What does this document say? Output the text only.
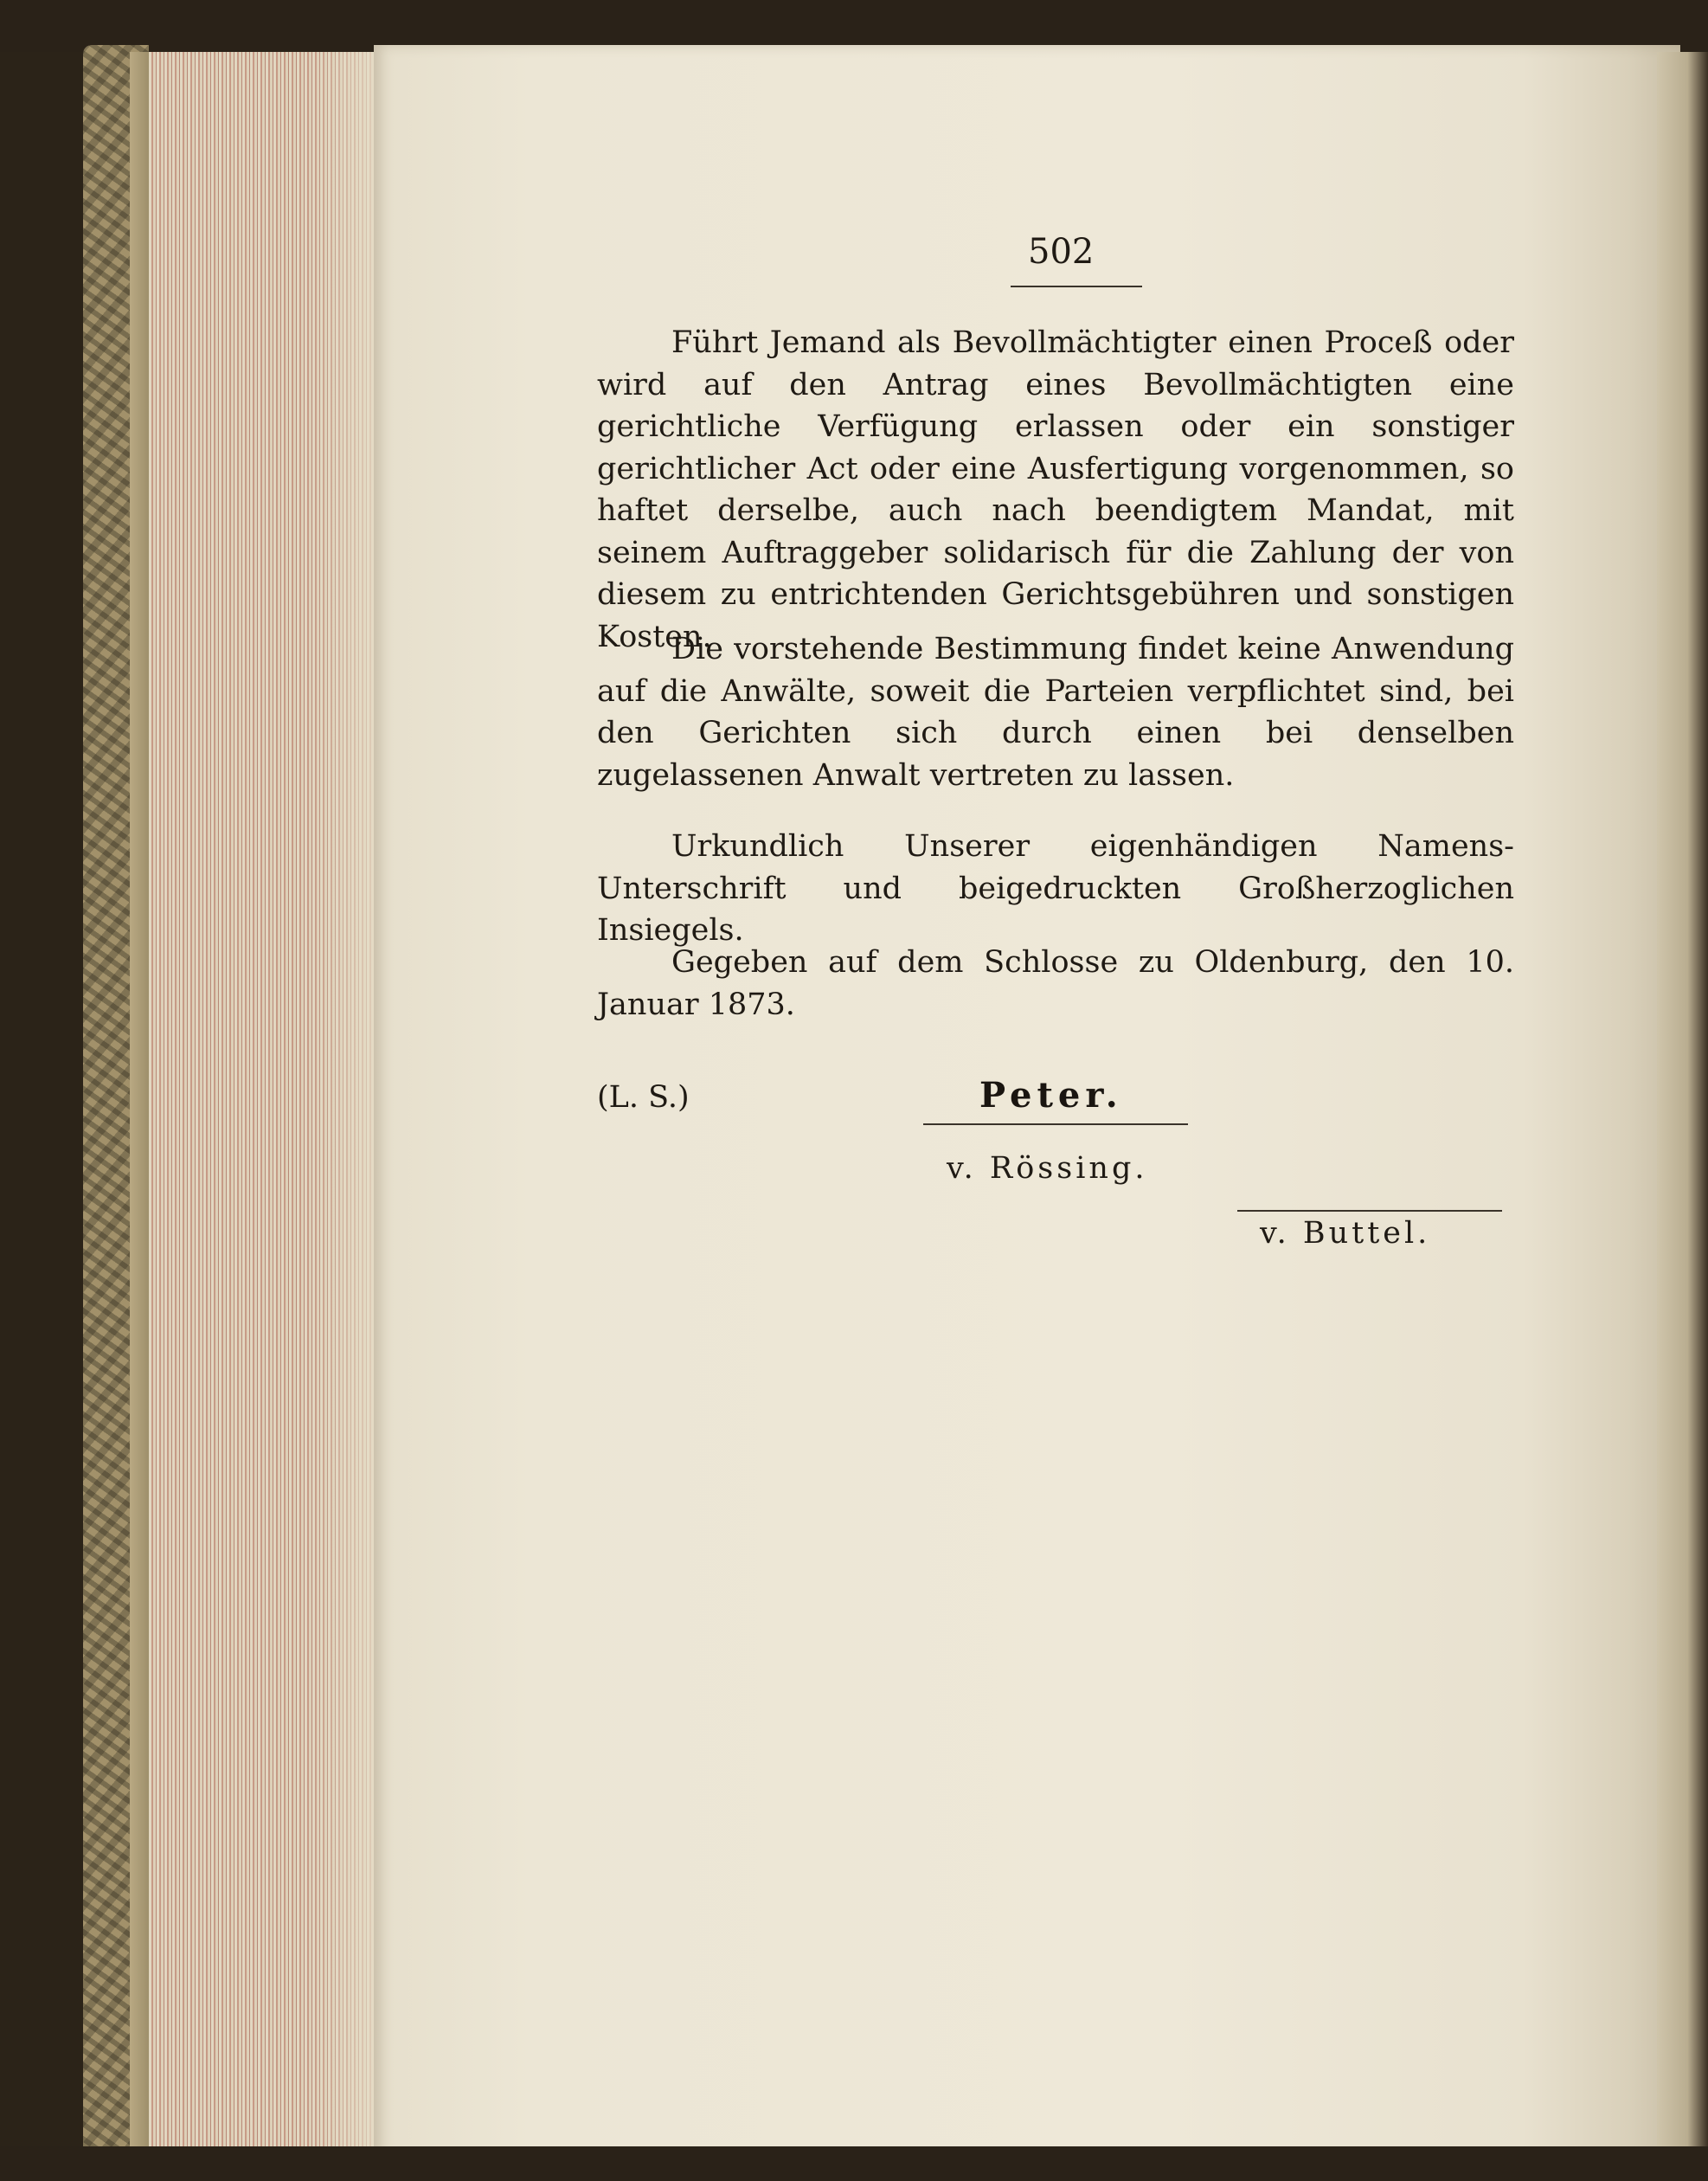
502

Führt Jemand als Bevollmächtigter einen Proceß oder wird auf den Antrag eines Bevollmächtigten eine gerichtliche Verfügung erlassen oder ein sonstiger gerichtlicher Act oder eine Ausfertigung vorgenommen, so haftet derselbe, auch nach beendigtem Mandat, mit seinem Auftraggeber solidarisch für die Zahlung der von diesem zu entrichtenden Gerichtsgebühren und sonstigen Kosten.

Die vorstehende Bestimmung findet keine Anwendung auf die Anwälte, soweit die Parteien verpflichtet sind, bei den Gerichten sich durch einen bei denselben zugelassenen Anwalt vertreten zu lassen.

Urkundlich Unserer eigenhändigen Namens-Unterschrift und beigedruckten Großherzoglichen Insiegels.

Gegeben auf dem Schlosse zu Oldenburg, den 10. Januar 1873.

(L. S.)	Peter.
v. Rössing.
v. Buttel.
